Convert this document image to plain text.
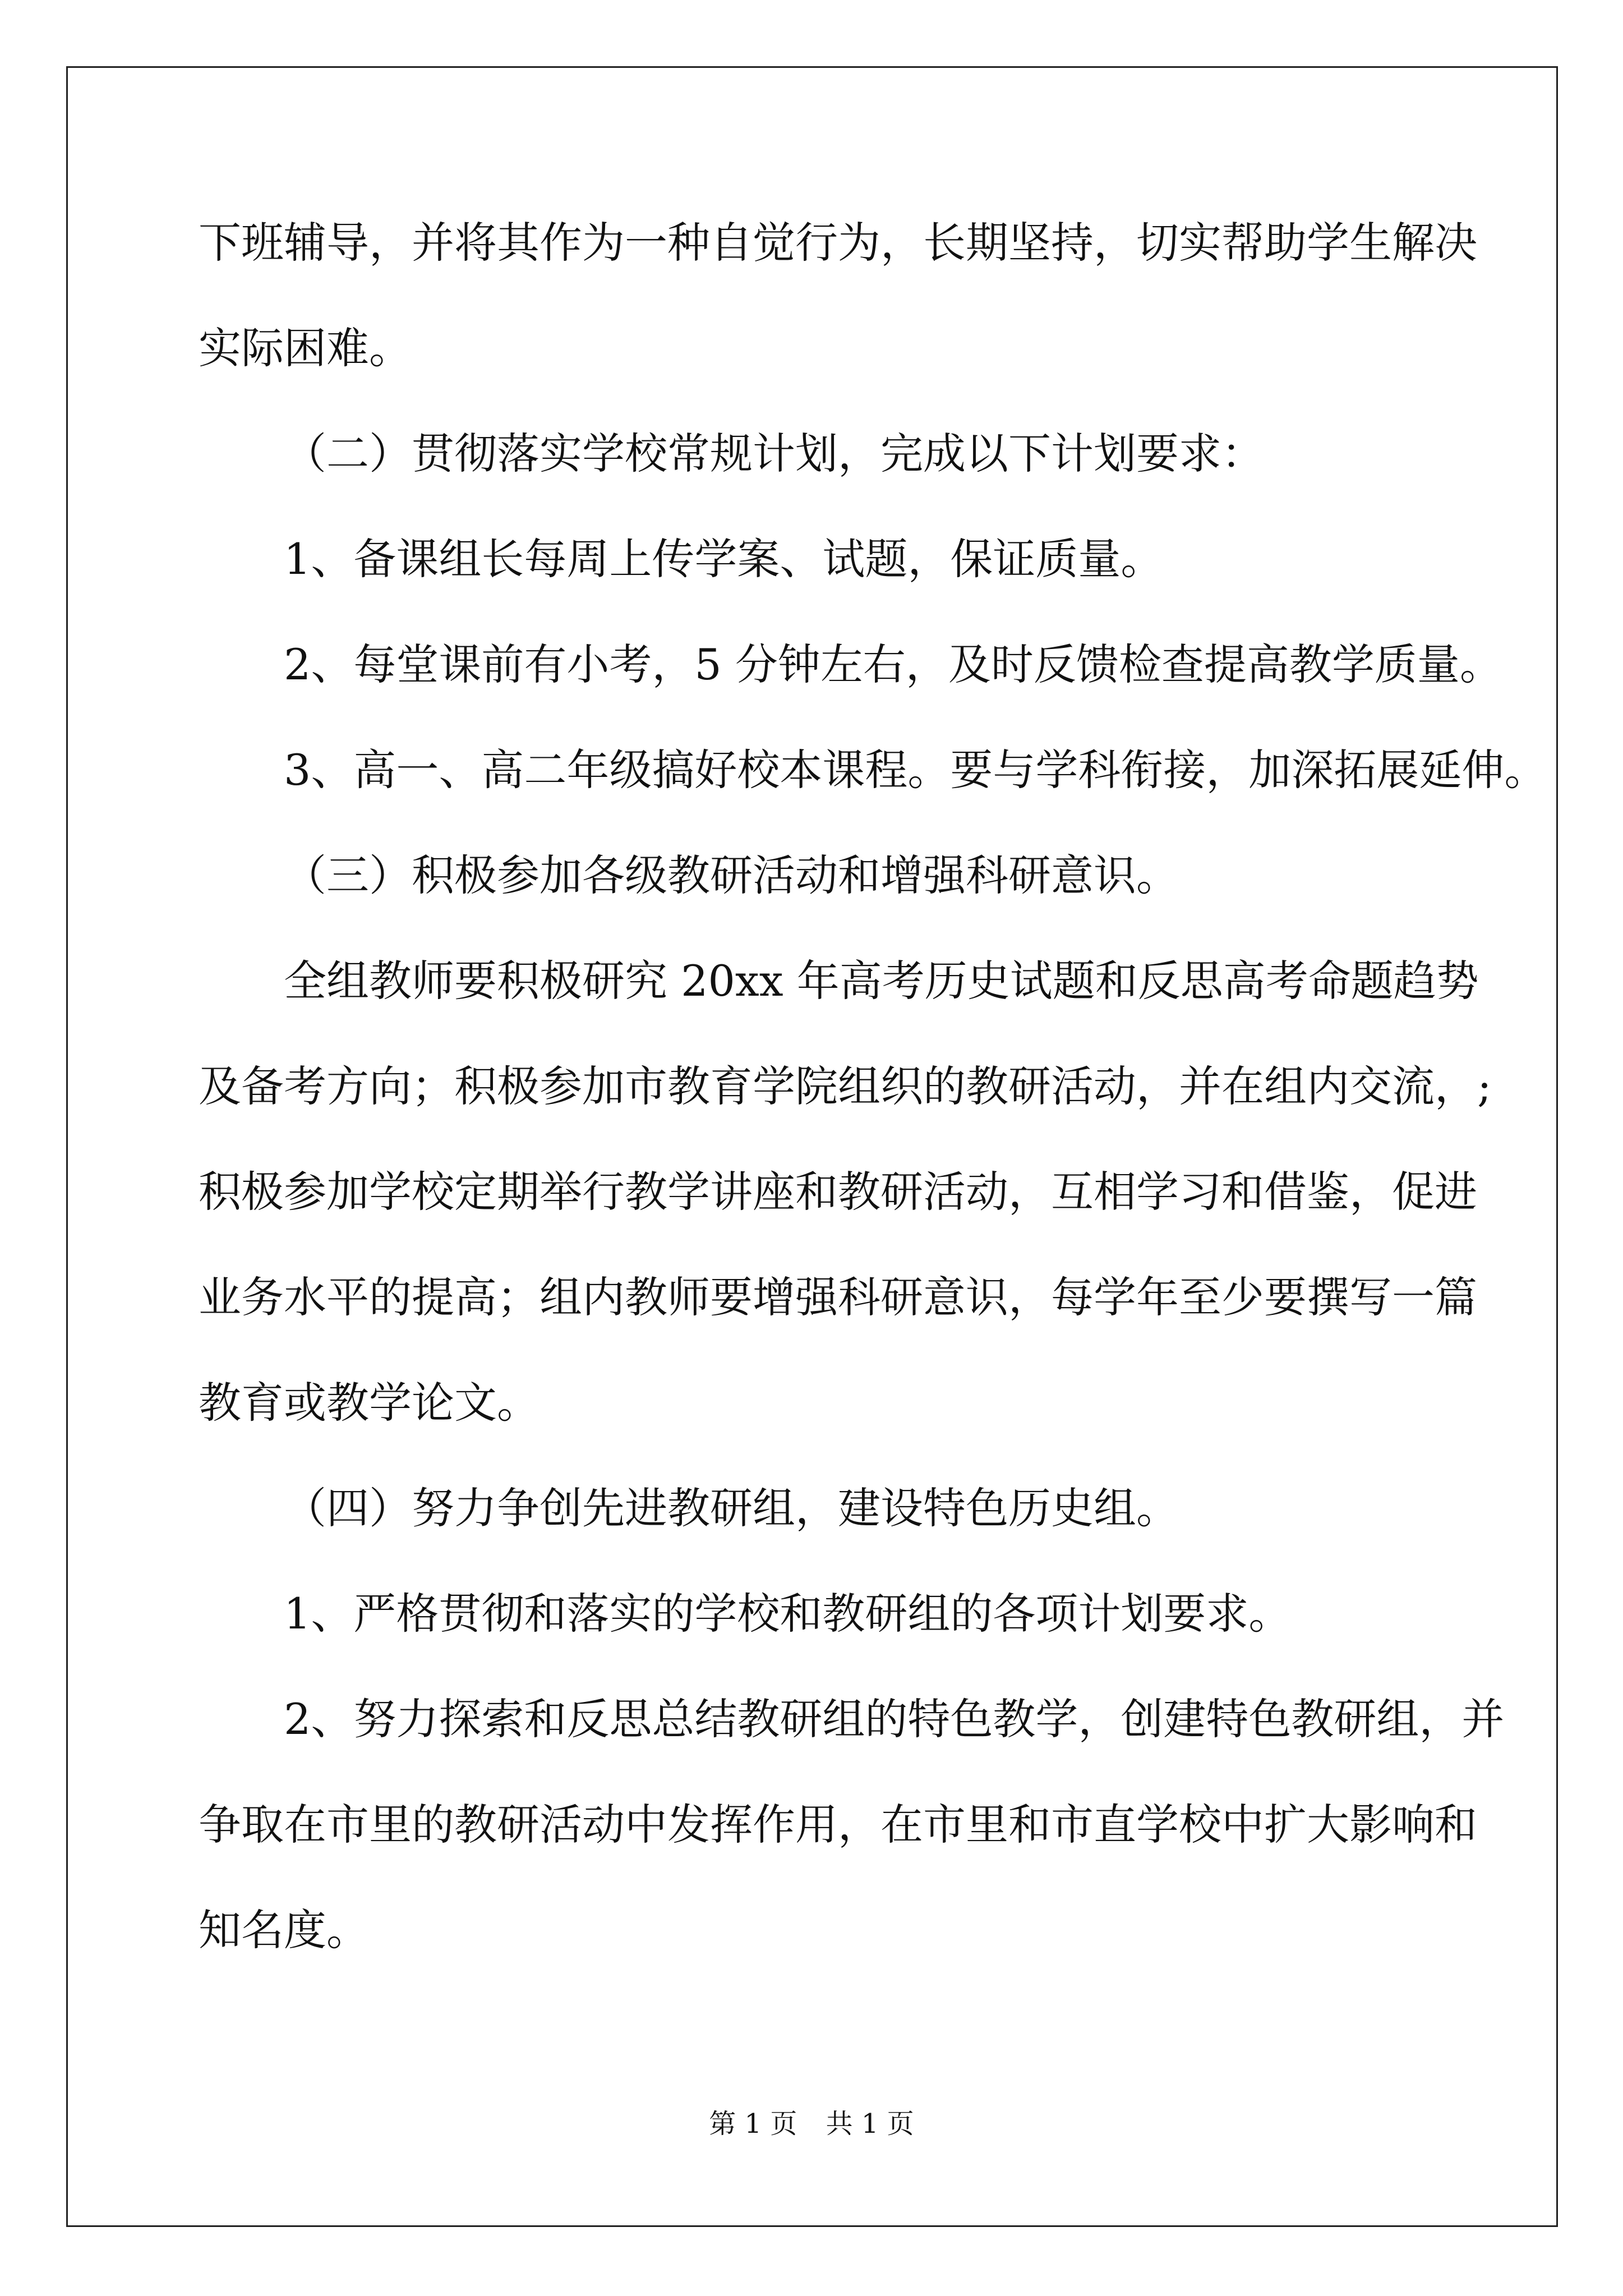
下班辅导，并将其作为一种自觉行为，长期坚持，切实帮助学生解决
实际困难。
（二）贯彻落实学校常规计划，完成以下计划要求：
1、备课组长每周上传学案、试题，保证质量。
2、每堂课前有小考，5 分钟左右，及时反馈检查提高教学质量。
3、高一、高二年级搞好校本课程。要与学科衔接，加深拓展延伸。
（三）积极参加各级教研活动和增强科研意识。
全组教师要积极研究 20xx 年高考历史试题和反思高考命题趋势
及备考方向；积极参加市教育学院组织的教研活动，并在组内交流，;
积极参加学校定期举行教学讲座和教研活动，互相学习和借鉴，促进
业务水平的提高；组内教师要增强科研意识，每学年至少要撰写一篇
教育或教学论文。
（四）努力争创先进教研组，建设特色历史组。
1、严格贯彻和落实的学校和教研组的各项计划要求。
2、努力探索和反思总结教研组的特色教学，创建特色教研组，并
争取在市里的教研活动中发挥作用，在市里和市直学校中扩大影响和
知名度。
第 1 页 共 1 页
